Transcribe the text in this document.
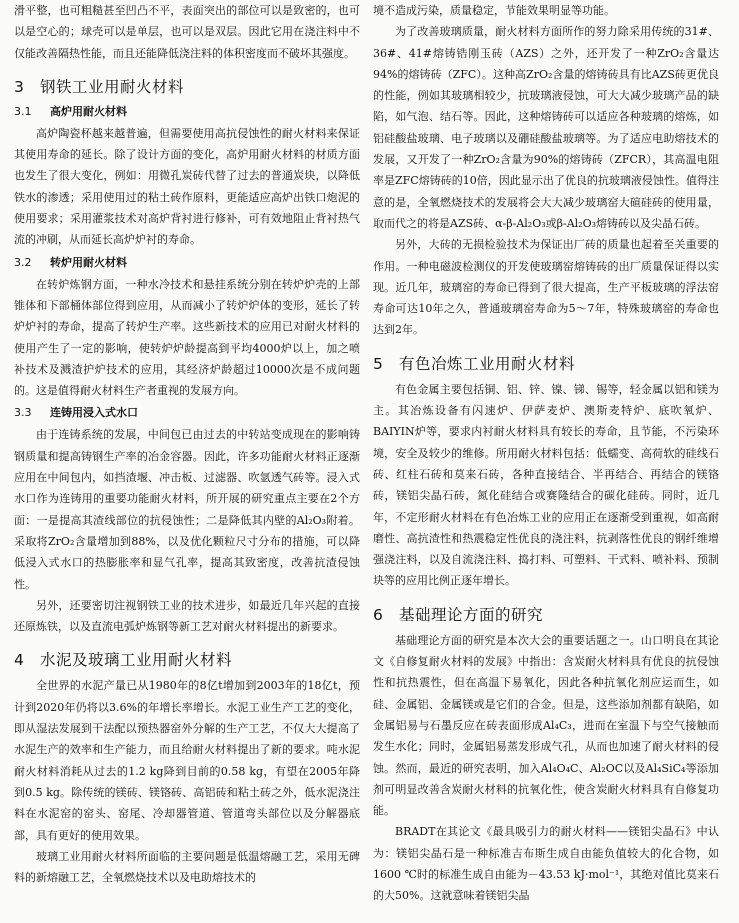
滑平整，也可粗糙甚至凹凸不平，表面突出的部位可以是致密的，也可以是空心的；球壳可以是单层，也可以是双层。因此它用在浇注料中不仅能改善隔热性能，而且还能降低浇注料的体积密度而不破坏其强度。

3 钢铁工业用耐火材料
3.1 高炉用耐火材料

高炉陶瓷杯越来越普遍，但需要使用高抗侵蚀性的耐火材料来保证其使用寿命的延长。除了设计方面的变化，高炉用耐火材料的材质方面也发生了很大变化，例如：用微孔炭砖代替了过去的普通炭块，以降低铁水的渗透；采用使用过的粘土砖作原料，更能适应高炉出铁口炮泥的使用要求；采用灌浆技术对高炉背衬进行修补，可有效地阻止背衬热气流的冲刷，从而延长高炉炉衬的寿命。

3.2 转炉用耐火材料

在转炉炼钢方面，一种水冷技术和悬挂系统分别在转炉炉壳的上部锥体和下部桶体部位得到应用，从而减小了转炉炉体的变形，延长了转炉炉衬的寿命，提高了转炉生产率。这些新技术的应用已对耐火材料的使用产生了一定的影响，使转炉炉龄提高到平均4000炉以上，加之喷补技术及溅渣护炉技术的应用，其经济炉龄超过10000次是不成问题的。这是值得耐火材料生产者重视的发展方向。

3.3 连铸用浸入式水口

由于连铸系统的发展，中间包已由过去的中转站变成现在的影响铸钢质量和提高铸钢生产率的冶金容器。因此，许多功能耐火材料正逐渐应用在中间包内，如挡渣堰、冲击板、过滤器、吹氩透气砖等。浸入式水口作为连铸用的重要功能耐火材料，所开展的研究重点主要在2个方面：一是提高其渣线部位的抗侵蚀性；二是降低其内壁的Al₂O₃附着。采取将ZrO₂含量增加到88%，以及优化颗粒尺寸分布的措施，可以降低浸入式水口的热膨胀率和显气孔率，提高其致密度，改善抗渣侵蚀性。

另外，还要密切注视钢铁工业的技术进步，如最近几年兴起的直接还原炼铁，以及直流电弧炉炼钢等新工艺对耐火材料提出的新要求。

4 水泥及玻璃工业用耐火材料

全世界的水泥产量已从1980年的8亿t增加到2003年的18亿t，预计到2020年仍将以3.6%的年增长率增长。水泥工业生产工艺的变化，即从湿法发展到干法配以预热器窑外分解的生产工艺，不仅大大提高了水泥生产的效率和生产能力，而且给耐火材料提出了新的要求。吨水泥耐火材料消耗从过去的1.2 kg降到目前的0.58 kg，有望在2005年降到0.5 kg。除传统的镁砖、镁铬砖、高铝砖和粘土砖之外，低水泥浇注料在水泥窑的窑头、窑尾、冷却器管道、管道弯头部位以及分解器底部，具有更好的使用效果。

玻璃工业用耐火材料所面临的主要问题是低温熔融工艺，采用无碑料的新熔融工艺，全氧燃烧技术以及电助熔技术的

境不造成污染，质量稳定，节能效果明显等功能。

为了改善玻璃质量，耐火材料方面所作的努力除采用传统的31#、36#、41#熔铸锆刚玉砖（AZS）之外，还开发了一种ZrO₂含量达94%的熔铸砖（ZFC）。这种高ZrO₂含量的熔铸砖具有比AZS砖更优良的性能，例如其玻璃相较少，抗玻璃液侵蚀，可大大减少玻璃产品的缺陷，如气泡、结石等。因此，这种熔铸砖可以适应各种玻璃的熔炼，如铝硅酸盐玻璃、电子玻璃以及硼硅酸盐玻璃等。为了适应电助熔技术的发展，又开发了一种ZrO₂含量为90%的熔铸砖（ZFCR），其高温电阻率是ZFC熔铸砖的10倍，因此显示出了优良的抗玻璃液侵蚀性。值得注意的是，全氧燃烧技术的发展将会大大减少玻璃窑大碹硅砖的使用量，取而代之的将是AZS砖、α-β-Al₂O₃或β-Al₂O₃熔铸砖以及尖晶石砖。

另外，大砖的无损检验技术为保证出厂砖的质量也起着至关重要的作用。一种电磁波检测仪的开发使玻璃窑熔铸砖的出厂质量保证得以实现。近几年，玻璃窑的寿命已得到了很大提高，生产平板玻璃的浮法窑寿命可达10年之久，普通玻璃窑寿命为5～7年，特殊玻璃窑的寿命也达到2年。

5 有色冶炼工业用耐火材料

有色金属主要包括铜、铝、锌、镍、锑、锡等，轻金属以铝和镁为主。其冶炼设备有闪速炉、伊萨麦炉、澳斯麦特炉、底吹氧炉、BAIYIN炉等，要求内衬耐火材料具有较长的寿命，且节能，不污染环境，安全及较少的维修。所用耐火材料包括：低蠕变、高荷软的硅线石砖、红柱石砖和莫来石砖，各种直接结合、半再结合、再结合的镁铬砖，镁铝尖晶石砖，氮化硅结合或赛隆结合的碳化硅砖。同时，近几年，不定形耐火材料在有色冶炼工业的应用正在逐渐受到重视，如高耐磨性、高抗渣性和热震稳定性优良的浇注料，抗剥落性优良的钢纤维增强浇注料，以及自流浇注料、捣打料、可塑料、干式料、喷补料、预制块等的应用比例正逐年增长。

6 基础理论方面的研究

基础理论方面的研究是本次大会的重要话题之一。山口明良在其论文《自修复耐火材料的发展》中指出：含炭耐火材料具有优良的抗侵蚀性和抗热震性，但在高温下易氧化，因此各种抗氧化剂应运而生，如硅、金属铝、金属镁或是它们的合金。但是，这些添加剂都有缺陷，如金属铝易与石墨反应在砖表面形成Al₄C₃，进而在室温下与空气接触而发生水化；同时，金属铝易蒸发形成气孔，从而也加速了耐火材料的侵蚀。然而，最近的研究表明，加入Al₄O₄C、Al₂OC以及Al₄SiC₄等添加剂可明显改善含炭耐火材料的抗氧化性，使含炭耐火材料具有自修复功能。

BRADT在其论文《最具吸引力的耐火材料——镁铝尖晶石》中认为：镁铝尖晶石是一种标准吉布斯生成自由能负值较大的化合物，如1600 ℃时的标准生成自由能为－43.53 kJ·mol⁻¹，其绝对值比莫来石的大50%。这就意味着镁铝尖晶
